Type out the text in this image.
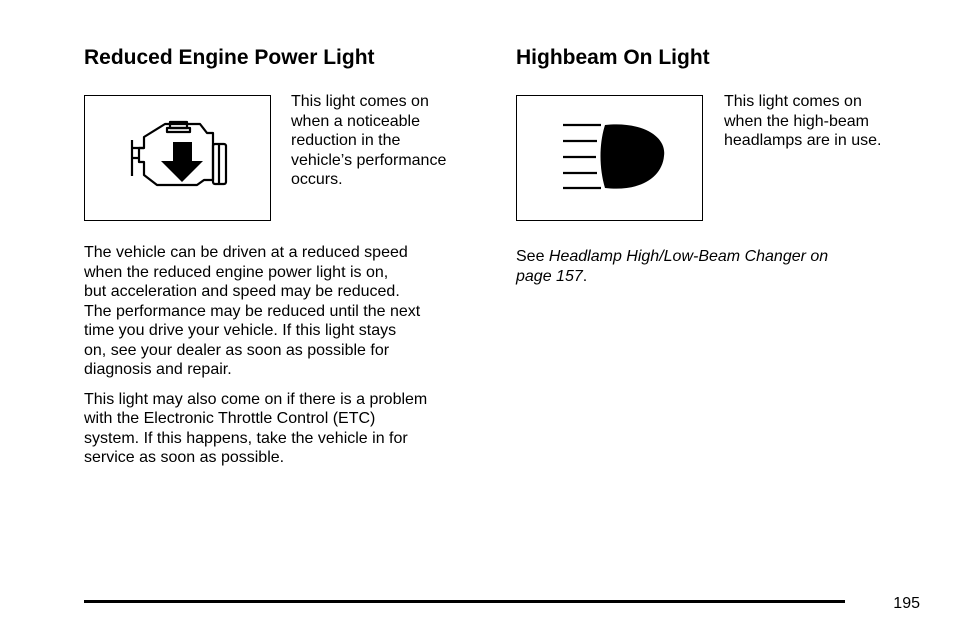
Reduced Engine Power Light
This light comes on
when a noticeable
reduction in the
vehicle’s performance
occurs.

The vehicle can be driven at a reduced speed
when the reduced engine power light is on,
but acceleration and speed may be reduced.
The performance may be reduced until the next
time you drive your vehicle. If this light stays
on, see your dealer as soon as possible for
diagnosis and repair.

This light may also come on if there is a problem
with the Electronic Throttle Control (ETC)
system. If this happens, take the vehicle in for
service as soon as possible.

Highbeam On Light
This light comes on
when the high-beam
headlamps are in use.

See Headlamp High/Low-Beam Changer on
page 157.

195
